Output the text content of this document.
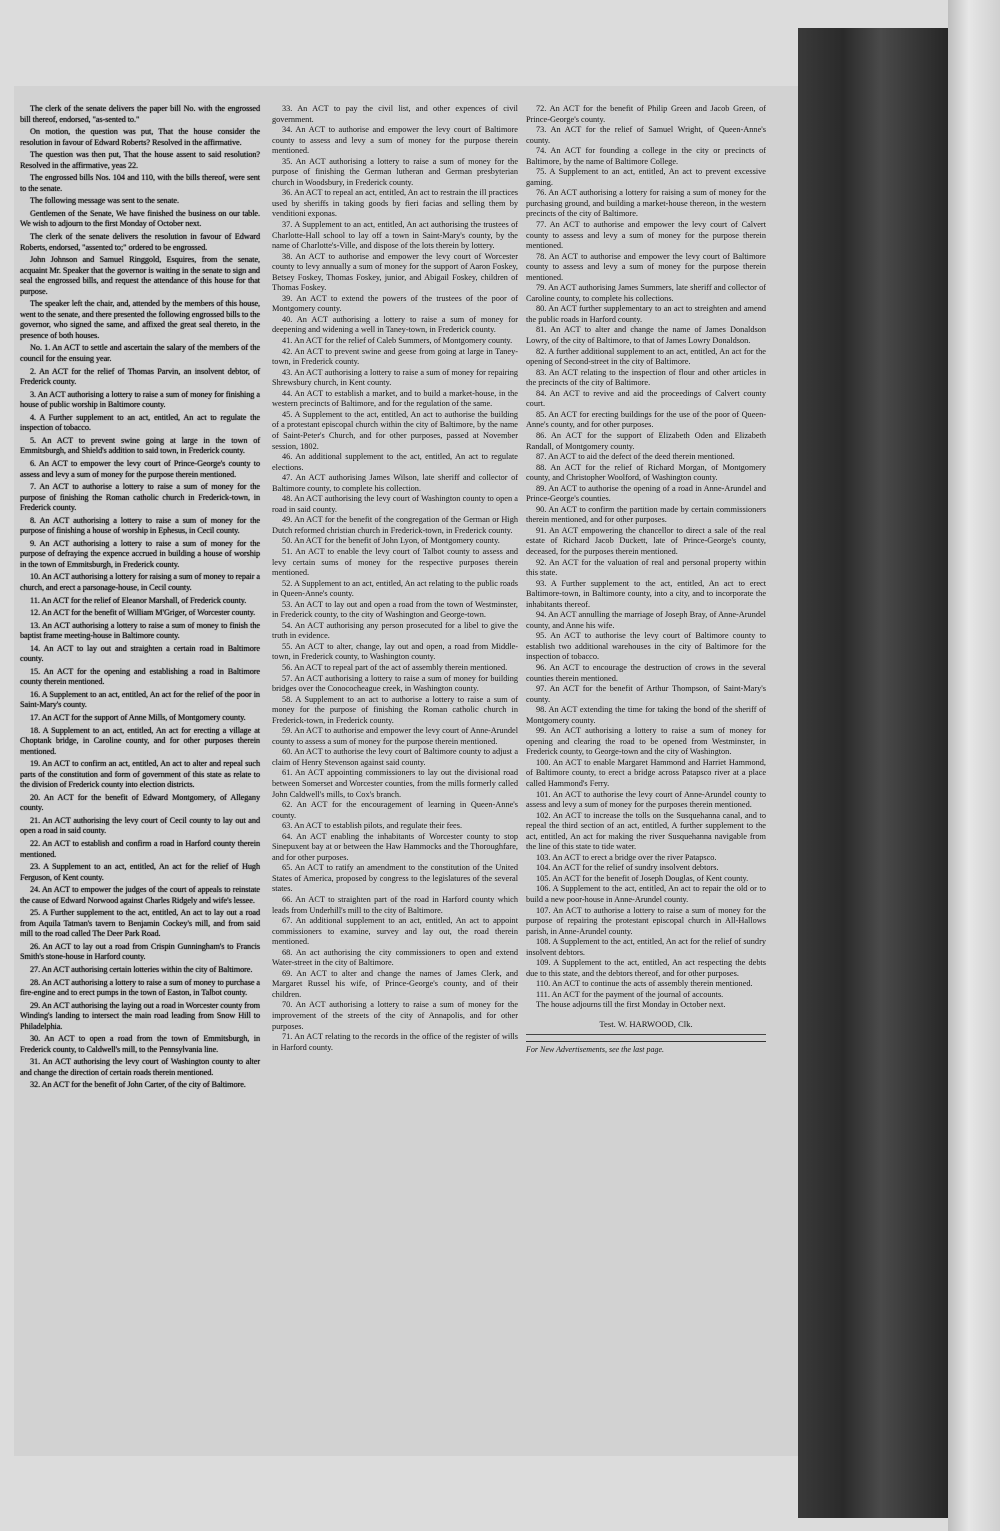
The clerk of the senate delivers the paper bill No. with the engrossed bill thereof, endorsed, "as-sented to."

On motion, the question was put, That the house consider the resolution in favour of Edward Roberts? Resolved in the affirmative.

The question was then put, That the house assent to said resolution? Resolved in the affirmative, yeas 22.

The engrossed bills Nos. 104 and 110, with the bills thereof, were sent to the senate.

The following message was sent to the senate.

Gentlemen of the Senate, We have finished the business on our table. We wish to adjourn to the first Monday of October next.

The clerk of the senate delivers the resolution in favour of Edward Roberts, endorsed, "assented to;" ordered to be engrossed.

John Johnson and Samuel Ringgold, Esquires, from the senate, acquaint Mr. Speaker that the governor is waiting in the senate to sign and seal the engrossed bills, and request the attendance of this house for that purpose.

The speaker left the chair, and, attended by the members of this house, went to the senate, and there presented the following engrossed bills to the governor, who signed the same, and affixed the great seal thereto, in the presence of both houses.

No. 1. An ACT to settle and ascertain the salary of the members of the council for the ensuing year.

2. An ACT for the relief of Thomas Parvin, an insolvent debtor, of Frederick county.

3. An ACT authorising a lottery to raise a sum of money for finishing a house of public worship in Baltimore county.

4. A Further supplement to an act, entitled, An act to regulate the inspection of tobacco.

5. An ACT to prevent swine going at large in the town of Emmitsburgh, and Shield's addition to said town, in Frederick county.

6. An ACT to empower the levy court of Prince-George's county to assess and levy a sum of money for the purpose therein mentioned.

7. An ACT to authorise a lottery to raise a sum of money for the purpose of finishing the Roman catholic church in Frederick-town, in Frederick county.

8. An ACT authorising a lottery to raise a sum of money for the purpose of finishing a house of worship in Ephesus, in Cecil county.

9. An ACT authorising a lottery to raise a sum of money for the purpose of defraying the expence accrued in building a house of worship in the town of Emmitsburgh, in Frederick county.

10. An ACT authorising a lottery for raising a sum of money to repair a church, and erect a parsonage-house, in Cecil county.

11. An ACT for the relief of Eleanor Marshall, of Frederick county.

12. An ACT for the benefit of William M'Griger, of Worcester county.

13. An ACT authorising a lottery to raise a sum of money to finish the baptist frame meeting-house in Baltimore county.

14. An ACT to lay out and straighten a certain road in Baltimore county.

15. An ACT for the opening and establishing a road in Baltimore county therein mentioned.

16. A Supplement to an act, entitled, An act for the relief of the poor in Saint-Mary's county.

17. An ACT for the support of Anne Mills, of Montgomery county.

18. A Supplement to an act, entitled, An act for erecting a village at Choptank bridge, in Caroline county, and for other purposes therein mentioned.

19. An ACT to confirm an act, entitled, An act to alter and repeal such parts of the constitution and form of government of this state as relate to the division of Frederick county into election districts.

20. An ACT for the benefit of Edward Montgomery, of Allegany county.

21. An ACT authorising the levy court of Cecil county to lay out and open a road in said county.

22. An ACT to establish and confirm a road in Harford county therein mentioned.

23. A Supplement to an act, entitled, An act for the relief of Hugh Ferguson, of Kent county.

24. An ACT to empower the judges of the court of appeals to reinstate the cause of Edward Norwood against Charles Ridgely and wife's lessee.

25. A Further supplement to the act, entitled, An act to lay out a road from Aquila Tatman's tavern to Benjamin Cockey's mill, and from said mill to the road called The Deer Park Road.

26. An ACT to lay out a road from Crispin Gunningham's to Francis Smith's stone-house in Harford county.

27. An ACT authorising certain lotteries within the city of Baltimore.

28. An ACT authorising a lottery to raise a sum of money to purchase a fire-engine and to erect pumps in the town of Easton, in Talbot county.

29. An ACT authorising the laying out a road in Worcester county from Winding's landing to intersect the main road leading from Snow Hill to Philadelphia.

30. An ACT to open a road from the town of Emmitsburgh, in Frederick county, to Caldwell's mill, to the Pennsylvania line.

31. An ACT authorising the levy court of Washington county to alter and change the direction of certain roads therein mentioned.

32. An ACT for the benefit of John Carter, of the city of Baltimore.

33. An ACT to pay the civil list, and other expences of civil government.

34. An ACT to authorise and empower the levy court of Baltimore county to assess and levy a sum of money for the purpose therein mentioned.

35. An ACT authorising a lottery to raise a sum of money for the purpose of finishing the German lutheran and German presbyterian church in Woodsbury, in Frederick county.

36. An ACT to repeal an act, entitled, An act to restrain the ill practices used by sheriffs in taking goods by fieri facias and selling them by venditioni exponas.

37. A Supplement to an act, entitled, An act authorising the trustees of Charlotte-Hall school to lay off a town in Saint-Mary's county, by the name of Charlotte's-Ville, and dispose of the lots therein by lottery.

38. An ACT to authorise and empower the levy court of Worcester county to levy annually a sum of money for the support of Aaron Foskey, Betsey Foskey, Thomas Foskey, junior, and Abigail Foskey, children of Thomas Foskey.

39. An ACT to extend the powers of the trustees of the poor of Montgomery county.

40. An ACT authorising a lottery to raise a sum of money for deepening and widening a well in Taney-town, in Frederick county.

41. An ACT for the relief of Caleb Summers, of Montgomery county.

42. An ACT to prevent swine and geese from going at large in Taney-town, in Frederick county.

43. An ACT authorising a lottery to raise a sum of money for repairing Shrewsbury church, in Kent county.

44. An ACT to establish a market, and to build a market-house, in the western precincts of Baltimore, and for the regulation of the same.

45. A Supplement to the act, entitled, An act to authorise the building of a protestant episcopal church within the city of Baltimore, by the name of Saint-Peter's Church, and for other purposes, passed at November session, 1802.

46. An additional supplement to the act, entitled, An act to regulate elections.

47. An ACT authorising James Wilson, late sheriff and collector of Baltimore county, to complete his collection.

48. An ACT authorising the levy court of Washington county to open a road in said county.

49. An ACT for the benefit of the congregation of the German or High Dutch reformed christian church in Frederick-town, in Frederick county.

50. An ACT for the benefit of John Lyon, of Montgomery county.

51. An ACT to enable the levy court of Talbot county to assess and levy certain sums of money for the respective purposes therein mentioned.

52. A Supplement to an act, entitled, An act relating to the public roads in Queen-Anne's county.

53. An ACT to lay out and open a road from the town of Westminster, in Frederick county, to the city of Washington and George-town.

54. An ACT authorising any person prosecuted for a libel to give the truth in evidence.

55. An ACT to alter, change, lay out and open, a road from Middle-town, in Frederick county, to Washington county.

56. An ACT to repeal part of the act of assembly therein mentioned.

57. An ACT authorising a lottery to raise a sum of money for building bridges over the Conococheague creek, in Washington county.

58. A Supplement to an act to authorise a lottery to raise a sum of money for the purpose of finishing the Roman catholic church in Frederick-town, in Frederick county.

59. An ACT to authorise and empower the levy court of Anne-Arundel county to assess a sum of money for the purpose therein mentioned.

60. An ACT to authorise the levy court of Baltimore county to adjust a claim of Henry Stevenson against said county.

61. An ACT appointing commissioners to lay out the divisional road between Somerset and Worcester counties, from the mills formerly called John Caldwell's mills, to Cox's branch.

62. An ACT for the encouragement of learning in Queen-Anne's county.

63. An ACT to establish pilots, and regulate their fees.

64. An ACT enabling the inhabitants of Worcester county to stop Sinepuxent bay at or between the Haw Hammocks and the Thoroughfare, and for other purposes.

65. An ACT to ratify an amendment to the constitution of the United States of America, proposed by congress to the legislatures of the several states.

66. An ACT to straighten part of the road in Harford county which leads from Underhill's mill to the city of Baltimore.

67. An additional supplement to an act, entitled, An act to appoint commissioners to examine, survey and lay out, the road therein mentioned.

68. An act authorising the city commissioners to open and extend Water-street in the city of Baltimore.

69. An ACT to alter and change the names of James Clerk, and Margaret Russel his wife, of Prince-George's county, and of their children.

70. An ACT authorising a lottery to raise a sum of money for the improvement of the streets of the city of Annapolis, and for other purposes.

71. An ACT relating to the records in the office of the register of wills in Harford county.

72. An ACT for the benefit of Philip Green and Jacob Green, of Prince-George's county.

73. An ACT for the relief of Samuel Wright, of Queen-Anne's county.

74. An ACT for founding a college in the city or precincts of Baltimore, by the name of Baltimore College.

75. A Supplement to an act, entitled, An act to prevent excessive gaming.

76. An ACT authorising a lottery for raising a sum of money for the purchasing ground, and building a market-house thereon, in the western precincts of the city of Baltimore.

77. An ACT to authorise and empower the levy court of Calvert county to assess and levy a sum of money for the purpose therein mentioned.

78. An ACT to authorise and empower the levy court of Baltimore county to assess and levy a sum of money for the purpose therein mentioned.

79. An ACT authorising James Summers, late sheriff and collector of Caroline county, to complete his collections.

80. An ACT further supplementary to an act to streighten and amend the public roads in Harford county.

81. An ACT to alter and change the name of James Donaldson Lowry, of the city of Baltimore, to that of James Lowry Donaldson.

82. A further additional supplement to an act, entitled, An act for the opening of Second-street in the city of Baltimore.

83. An ACT relating to the inspection of flour and other articles in the precincts of the city of Baltimore.

84. An ACT to revive and aid the proceedings of Calvert county court.

85. An ACT for erecting buildings for the use of the poor of Queen-Anne's county, and for other purposes.

86. An ACT for the support of Elizabeth Oden and Elizabeth Randall, of Montgomery county.

87. An ACT to aid the defect of the deed therein mentioned.

88. An ACT for the relief of Richard Morgan, of Montgomery county, and Christopher Woolford, of Washington county.

89. An ACT to authorise the opening of a road in Anne-Arundel and Prince-George's counties.

90. An ACT to confirm the partition made by certain commissioners therein mentioned, and for other purposes.

91. An ACT empowering the chancellor to direct a sale of the real estate of Richard Jacob Duckett, late of Prince-George's county, deceased, for the purposes therein mentioned.

92. An ACT for the valuation of real and personal property within this state.

93. A Further supplement to the act, entitled, An act to erect Baltimore-town, in Baltimore county, into a city, and to incorporate the inhabitants thereof.

94. An ACT annulling the marriage of Joseph Bray, of Anne-Arundel county, and Anne his wife.

95. An ACT to authorise the levy court of Baltimore county to establish two additional warehouses in the city of Baltimore for the inspection of tobacco.

96. An ACT to encourage the destruction of crows in the several counties therein mentioned.

97. An ACT for the benefit of Arthur Thompson, of Saint-Mary's county.

98. An ACT extending the time for taking the bond of the sheriff of Montgomery county.

99. An ACT authorising a lottery to raise a sum of money for opening and clearing the road to be opened from Westminster, in Frederick county, to George-town and the city of Washington.

100. An ACT to enable Margaret Hammond and Harriet Hammond, of Baltimore county, to erect a bridge across Patapsco river at a place called Hammond's Ferry.

101. An ACT to authorise the levy court of Anne-Arundel county to assess and levy a sum of money for the purposes therein mentioned.

102. An ACT to increase the tolls on the Susquehanna canal, and to repeal the third section of an act, entitled, A further supplement to the act, entitled, An act for making the river Susquehanna navigable from the line of this state to tide water.

103. An ACT to erect a bridge over the river Patapsco.

104. An ACT for the relief of sundry insolvent debtors.

105. An ACT for the benefit of Joseph Douglas, of Kent county.

106. A Supplement to the act, entitled, An act to repair the old or to build a new poor-house in Anne-Arundel county.

107. An ACT to authorise a lottery to raise a sum of money for the purpose of repairing the protestant episcopal church in All-Hallows parish, in Anne-Arundel county.

108. A Supplement to the act, entitled, An act for the relief of sundry insolvent debtors.

109. A Supplement to the act, entitled, An act respecting the debts due to this state, and the debtors thereof, and for other purposes.

110. An ACT to continue the acts of assembly therein mentioned.

111. An ACT for the payment of the journal of accounts.

The house adjourns till the first Monday in October next.

Test. W. HARWOOD, Clk.
For New Advertisements, see the last page.
